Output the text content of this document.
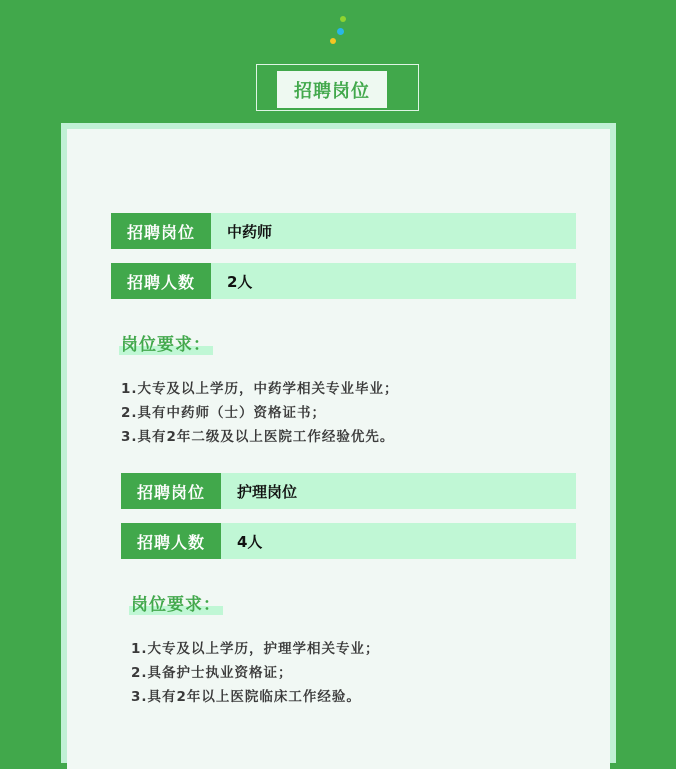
招聘岗位
招聘岗位	中药师
招聘人数	2人
岗位要求：
1.大专及以上学历，中药学相关专业毕业；
2.具有中药师（士）资格证书；
3.具有2年二级及以上医院工作经验优先。
招聘岗位	护理岗位
招聘人数	4人
岗位要求：
1.大专及以上学历，护理学相关专业；
2.具备护士执业资格证；
3.具有2年以上医院临床工作经验。
